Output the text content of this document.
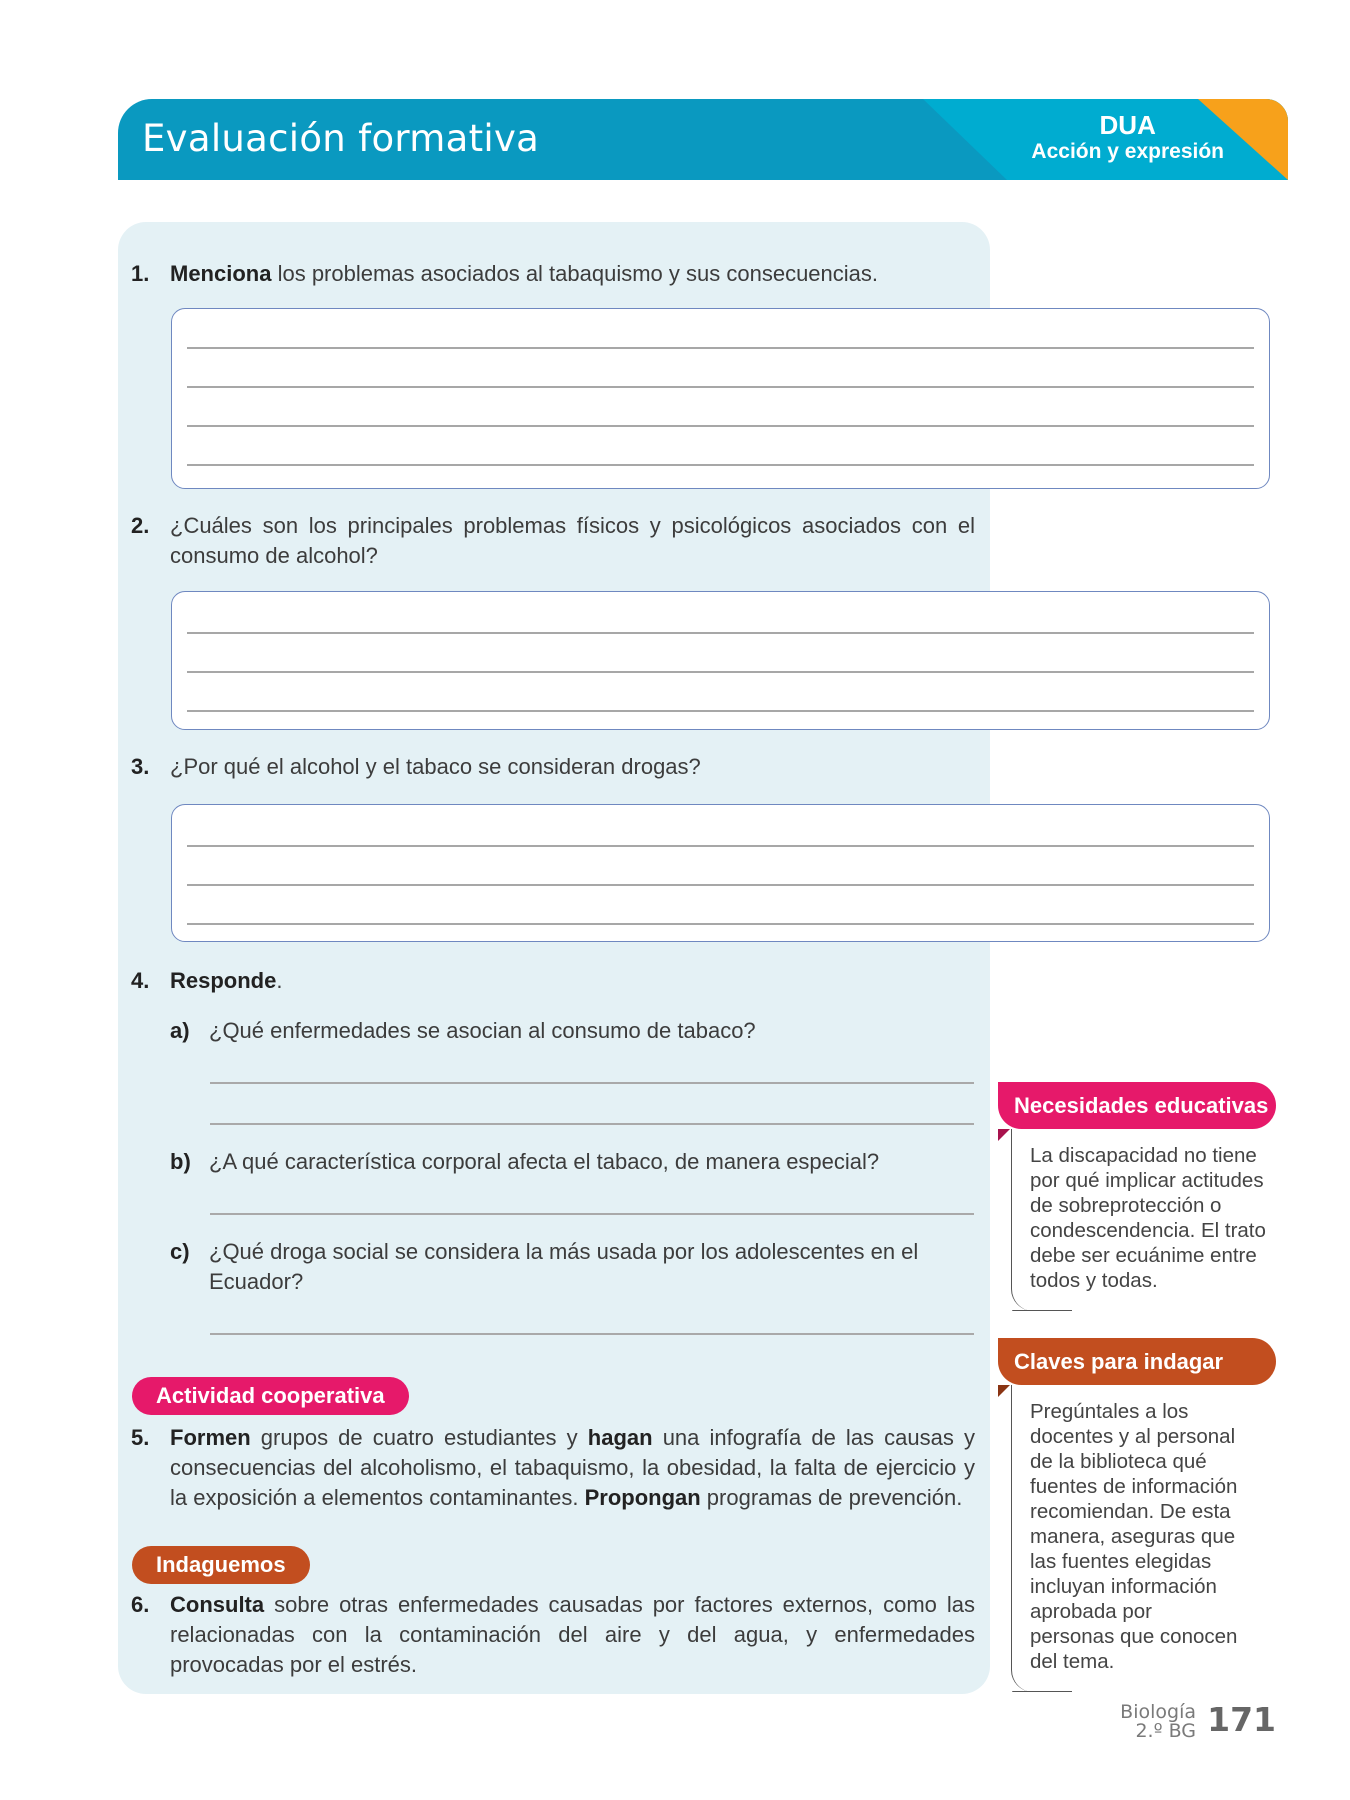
Evaluación formativa	DUA
Acción y expresión
1. Menciona los problemas asociados al tabaquismo y sus consecuencias.
2. ¿Cuáles son los principales problemas físicos y psicológicos asociados con el consumo de alcohol?
3. ¿Por qué el alcohol y el tabaco se consideran drogas?
4. Responde.
a) ¿Qué enfermedades se asocian al consumo de tabaco?
b) ¿A qué característica corporal afecta el tabaco, de manera especial?
c) ¿Qué droga social se considera la más usada por los adolescentes en el Ecuador?
Actividad cooperativa
5. Formen grupos de cuatro estudiantes y hagan una infografía de las causas y consecuencias del alcoholismo, el tabaquismo, la obesidad, la falta de ejercicio y la exposición a elementos contaminantes. Propongan programas de prevención.
Indaguemos
6. Consulta sobre otras enfermedades causadas por factores externos, como las relacionadas con la contaminación del aire y del agua, y enfermedades provocadas por el estrés.
Necesidades educativas
La discapacidad no tiene por qué implicar actitudes de sobreprotección o condescendencia. El trato debe ser ecuánime entre todos y todas.
Claves para indagar
Pregúntales a los docentes y al personal de la biblioteca qué fuentes de información recomiendan. De esta manera, aseguras que las fuentes elegidas incluyan información aprobada por personas que conocen del tema.
Biología
2.º BG 171
